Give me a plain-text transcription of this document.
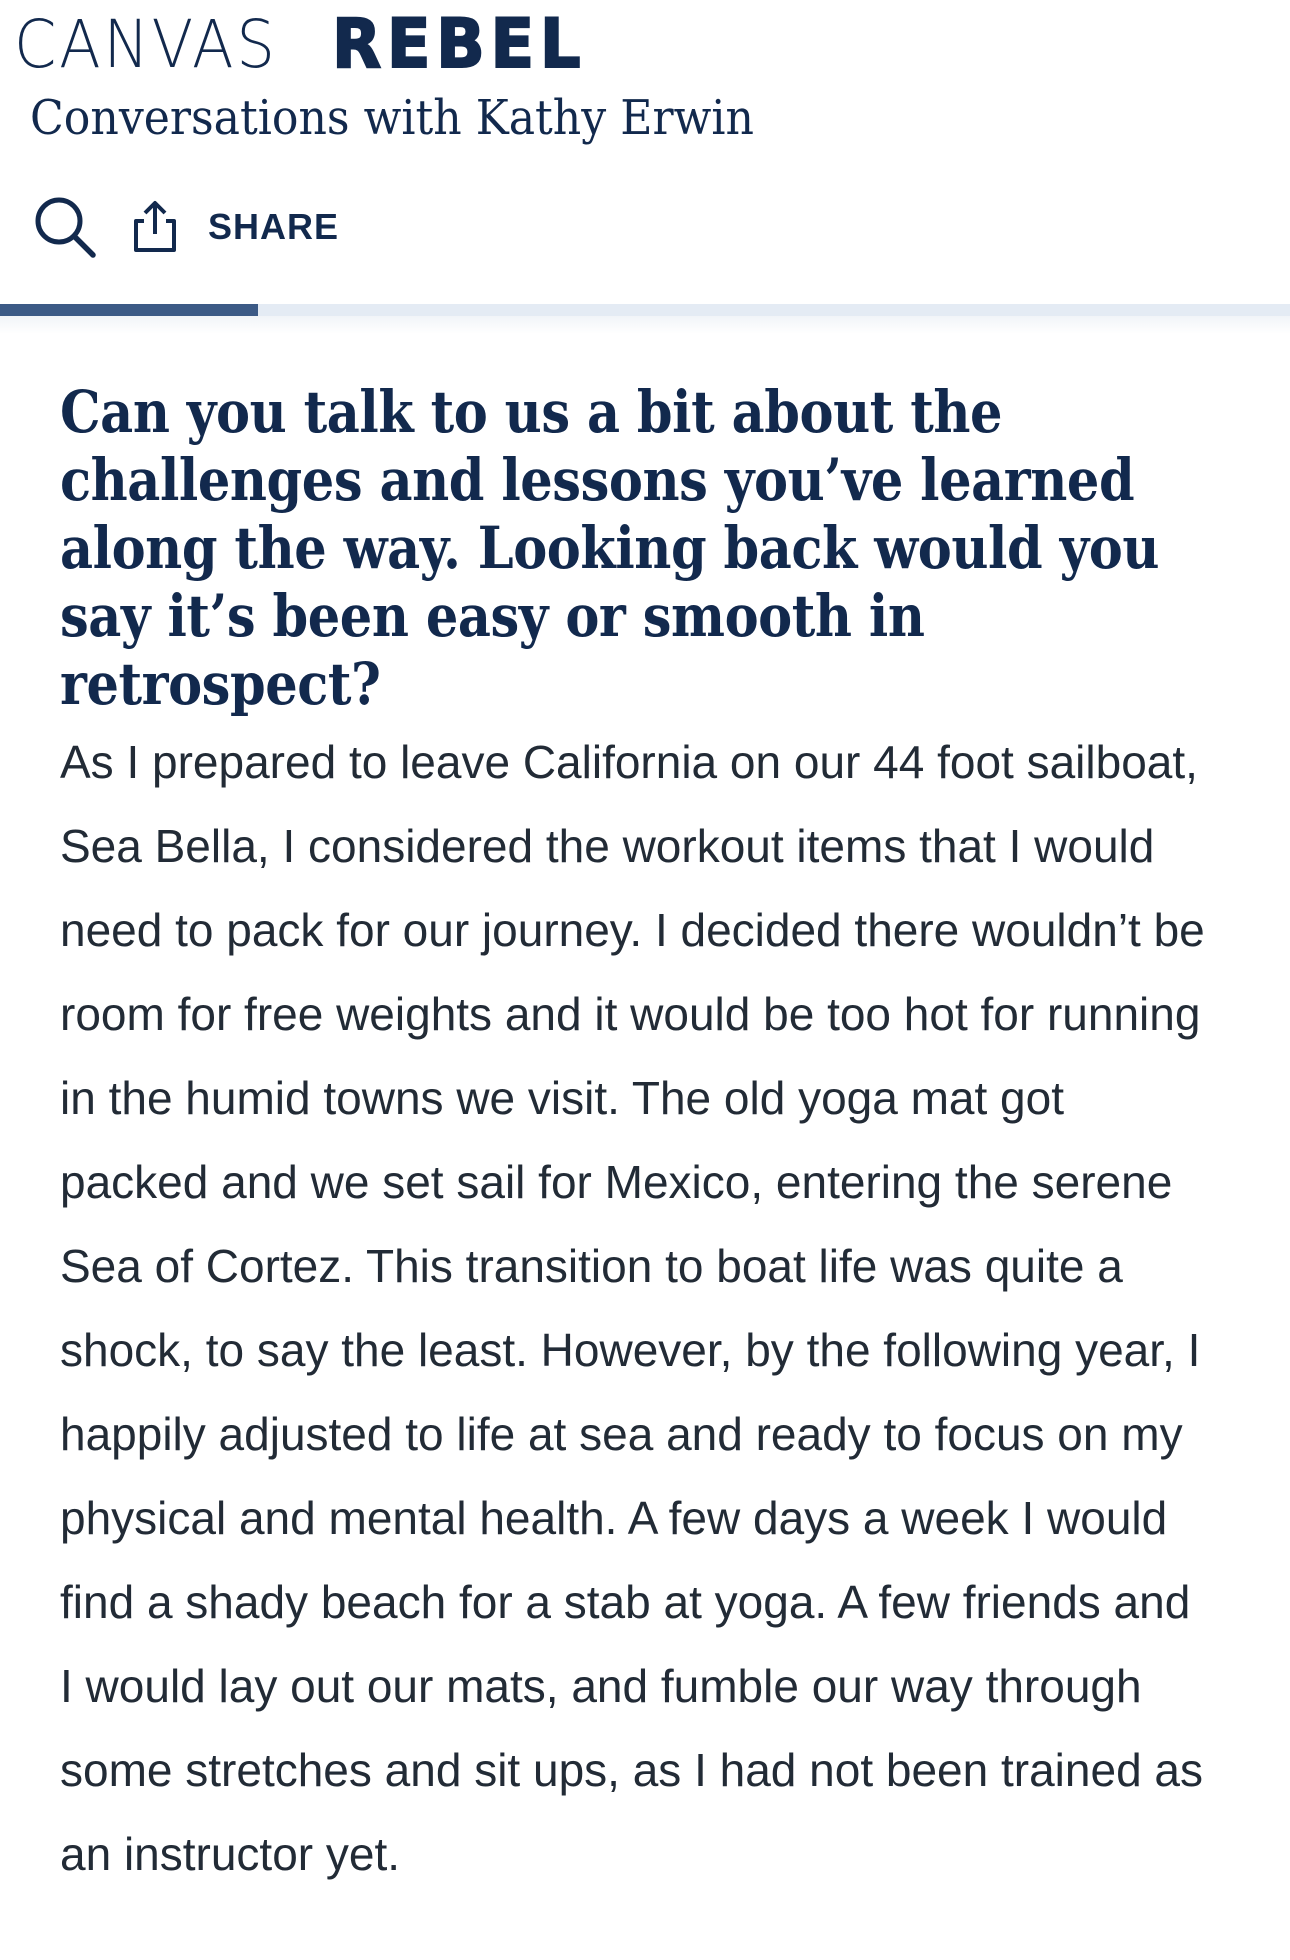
CANVAS REBEL
Conversations with Kathy Erwin
SHARE
Can you talk to us a bit about the challenges and lessons you’ve learned along the way. Looking back would you say it’s been easy or smooth in retrospect?

As I prepared to leave California on our 44 foot sailboat, Sea Bella, I considered the workout items that I would need to pack for our journey. I decided there wouldn’t be room for free weights and it would be too hot for running in the humid towns we visit. The old yoga mat got packed and we set sail for Mexico, entering the serene Sea of Cortez. This transition to boat life was quite a shock, to say the least. However, by the following year, I happily adjusted to life at sea and ready to focus on my physical and mental health. A few days a week I would find a shady beach for a stab at yoga. A few friends and I would lay out our mats, and fumble our way through some stretches and sit ups, as I had not been trained as an instructor yet.
